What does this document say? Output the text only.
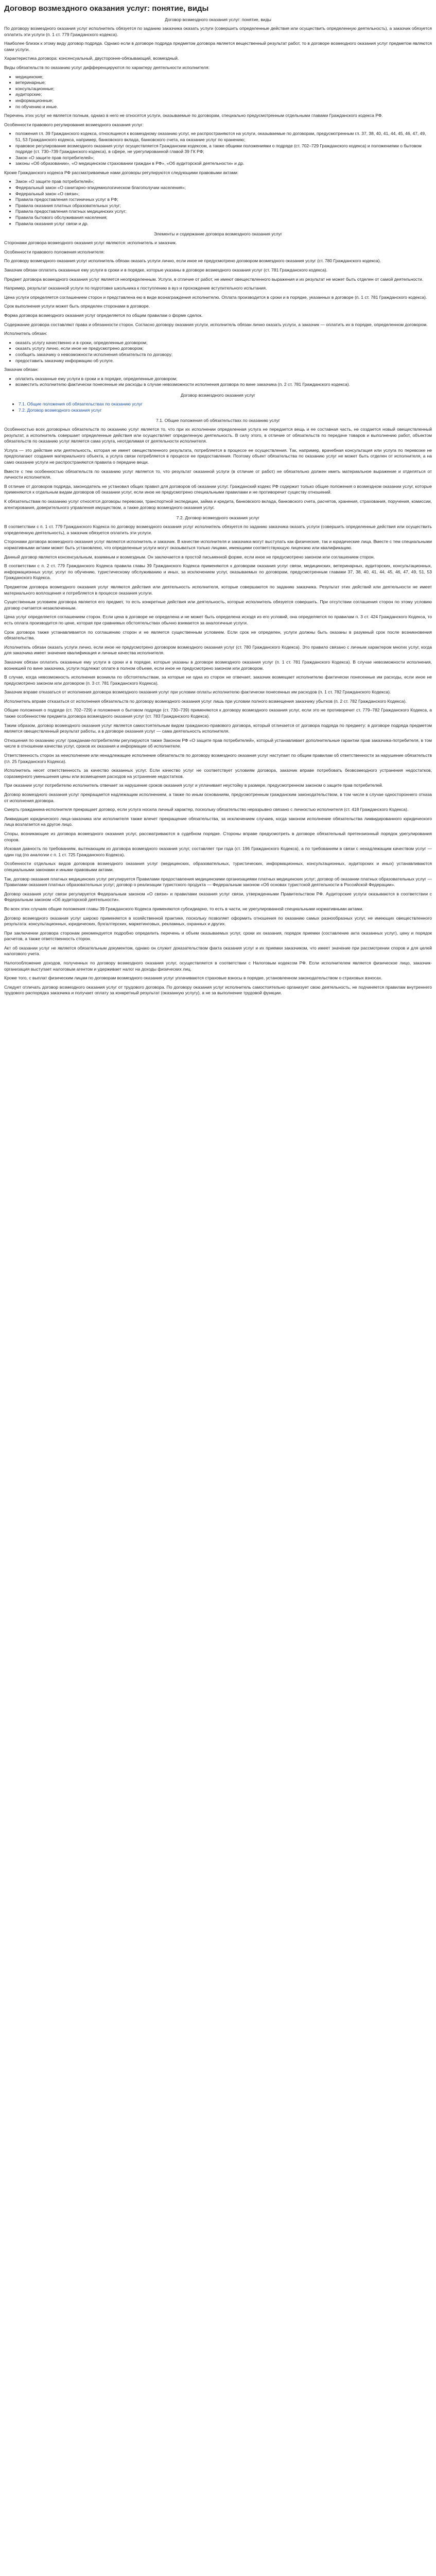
Договор возмездного оказания услуг: понятие, виды
Договор возмездного оказания услуг: понятие, виды

По договору возмездного оказания услуг исполнитель обязуется по заданию заказчика оказать услуги (совершить определенные действия или осуществить определенную деятельность), а заказчик обязуется оплатить эти услуги (п. 1 ст. 779 Гражданского кодекса).

Наиболее близок к этому виду договор подряда. Однако если в договоре подряда предметом договора является вещественный результат работ, то в договоре возмездного оказания услуг предметом являются сами услуги.

Характеристика договора: консенсуальный, двусторонне-обязывающий, возмездный.

Виды обязательств по оказанию услуг дифференцируются по характеру деятельности исполнителя:

• медицинские;
• ветеринарные;
• консультационные;
• аудиторские;
• информационные;
• по обучению и иные.

Перечень этих услуг не является полным, однако в него не относятся услуги, оказываемые по договорам, специально предусмотренным отдельными главами Гражданского кодекса РФ.

Особенности правового регулирования возмездного оказания услуг:

• положения гл. 39 Гражданского кодекса, относящиеся к возмездному оказанию услуг, не распространяются на услуги, оказываемые по договорам, предусмотренным гл. 37, 38, 40, 41, 44, 45, 46, 47, 49, 51, 53 Гражданского кодекса, например, банковского вклада, банковского счета, на оказание услуг по хранению;
• правовое регулирование возмездного оказания услуг осуществляется Гражданским кодексом, а также общими положениями о подряде (ст. 702–729 Гражданского кодекса) и положениями о бытовом подряде (ст. 730–739 Гражданского кодекса), в сфере, не урегулированной главой 39 ГК РФ;
• Закон «О защите прав потребителей»;
• законы «Об образовании», «О медицинском страховании граждан в РФ», «Об аудиторской деятельности» и др.

Кроме Гражданского кодекса РФ рассматриваемые нами договоры регулируются следующими правовыми актами:

• Закон «О защите прав потребителей»;
• Федеральный закон «О санитарно-эпидемиологическом благополучии населения»;
• Федеральный закон «О связи»;
• Правила предоставления гостиничных услуг в РФ;
• Правила оказания платных образовательных услуг;
• Правила предоставления платных медицинских услуг;
• Правила бытового обслуживания населения;
• Правила оказания услуг связи и др.
Элементы и содержание договора возмездного оказания услуг

Сторонами договора возмездного оказания услуг являются: исполнитель и заказчик.

Особенности правового положения исполнителя:

По договору возмездного оказания услуг исполнитель обязан оказать услуги лично, если иное не предусмотрено договором возмездного оказания услуг (ст. 780 Гражданского кодекса).

Заказчик обязан оплатить оказанные ему услуги в сроки и в порядке, которые указаны в договоре возмездного оказания услуг (ст. 781 Гражданского кодекса).

Предмет договора возмездного оказания услуг является неопределенным. Услуги, в отличие от работ, не имеют овеществленного выражения и их результат не может быть отделен от самой деятельности.

Например, результат оказанной услуги по подготовке школьника к поступлению в вуз и прохождение вступительного испытания.

Цена услуги определяется соглашением сторон и представлена ею в виде вознаграждения исполнителю. Оплата производится в сроки и в порядке, указанных в договоре (п. 1 ст. 781 Гражданского кодекса).

Срок выполнения услуги может быть определен сторонами в договоре.

Форма договора возмездного оказания услуг определяется по общим правилам о форме сделок.

Содержание договора составляют права и обязанности сторон. Согласно договору оказания услуги, исполнитель обязан лично оказать услуги, а заказчик — оплатить их в порядке, определенном договором.

Исполнитель обязан:

• оказать услугу качественно и в сроки, определенные договором;
• оказать услугу лично, если иное не предусмотрено договором;
• сообщить заказчику о невозможности исполнения обязательств по договору;
• предоставить заказчику информацию об услуге.

Заказчик обязан:

• оплатить оказанные ему услуги в сроки и в порядке, определенные договором;
• возместить исполнителю фактически понесенные им расходы в случае невозможности исполнения договора по вине заказчика (п. 2 ст. 781 Гражданского кодекса).
Договор возмездного оказания услуг
• 7.1. Общие положения об обязательствах по оказанию услуг
• 7.2. Договор возмездного оказания услуг
7.1. Общие положения об обязательствах по оказанию услуг

Особенностью всех договорных обязательств по оказанию услуг является то, что при их исполнении определенная услуга не передается вещь и ее составная часть, не создается новый овеществленный результат, а исполнитель совершает определенные действия или осуществляет определенную деятельность. В силу этого, в отличие от обязательств по передаче товаров и выполнению работ, объектом обязательств по оказанию услуг является сама услуга, неотделимая от деятельности исполнителя.

Услуга — это действие или деятельность, которая не имеет овеществленного результата, потребляется в процессе ее осуществления. Так, например, врачебная консультация или услуга по перевозке не предполагают создания материального объекта, а услуга связи потребляется в процессе ее предоставления. Поэтому объект обязательства по оказанию услуг не может быть отделен от исполнителя, а на само оказание услуги не распространяются правила о передаче вещи.

Вместе с тем особенностью обязательств по оказанию услуг является то, что результат оказанной услуги (в отличие от работ) не обязательно должен иметь материальное выражение и отделяться от личности исполнителя.

В отличие от договоров подряда, законодатель не установил общих правил для договоров об оказании услуг. Гражданский кодекс РФ содержит только общие положения о возмездном оказании услуг, которые применяются к отдельным видам договоров об оказании услуг, если иное не предусмотрено специальными правилами и не противоречит существу отношений.

К обязательствам по оказанию услуг относятся договоры перевозки, транспортной экспедиции, займа и кредита, банковского вклада, банковского счета, расчетов, хранения, страхования, поручения, комиссии, агентирования, доверительного управления имуществом, а также договор возмездного оказания услуг.

7.2. Договор возмездного оказания услуг

В соответствии с п. 1 ст. 779 Гражданского Кодекса по договору возмездного оказания услуг исполнитель обязуется по заданию заказчика оказать услуги (совершить определенные действия или осуществить определенную деятельность), а заказчик обязуется оплатить эти услуги.

Сторонами договора возмездного оказания услуг являются исполнитель и заказчик. В качестве исполнителя и заказчика могут выступать как физические, так и юридические лица. Вместе с тем специальными нормативными актами может быть установлено, что определенные услуги могут оказываться только лицами, имеющими соответствующую лицензию или квалификацию.

Данный договор является консенсуальным, взаимным и возмездным. Он заключается в простой письменной форме, если иное не предусмотрено законом или соглашением сторон.

В соответствии с п. 2 ст. 779 Гражданского Кодекса правила главы 39 Гражданского Кодекса применяются к договорам оказания услуг связи, медицинских, ветеринарных, аудиторских, консультационных, информационных услуг, услуг по обучению, туристическому обслуживанию и иных, за исключением услуг, оказываемых по договорам, предусмотренным главами 37, 38, 40, 41, 44, 45, 46, 47, 49, 51, 53 Гражданского Кодекса.

Предметом договора возмездного оказания услуг являются действия или деятельность исполнителя, которые совершаются по заданию заказчика. Результат этих действий или деятельности не имеет материального воплощения и потребляется в процессе оказания услуги.

Существенным условием договора является его предмет, то есть конкретные действия или деятельность, которые исполнитель обязуется совершить. При отсутствии соглашения сторон по этому условию договор считается незаключенным.

Цена услуг определяется соглашением сторон. Если цена в договоре не определена и не может быть определена исходя из его условий, она определяется по правилам п. 3 ст. 424 Гражданского Кодекса, то есть оплата производится по цене, которая при сравнимых обстоятельствах обычно взимается за аналогичные услуги.

Срок договора также устанавливается по соглашению сторон и не является существенным условием. Если срок не определен, услуги должны быть оказаны в разумный срок после возникновения обязательства.

Исполнитель обязан оказать услуги лично, если иное не предусмотрено договором возмездного оказания услуг (ст. 780 Гражданского Кодекса). Это правило связано с личным характером многих услуг, когда для заказчика имеет значение квалификация и личные качества исполнителя.

Заказчик обязан оплатить оказанные ему услуги в сроки и в порядке, которые указаны в договоре возмездного оказания услуг (п. 1 ст. 781 Гражданского Кодекса). В случае невозможности исполнения, возникшей по вине заказчика, услуги подлежат оплате в полном объеме, если иное не предусмотрено законом или договором.

В случае, когда невозможность исполнения возникла по обстоятельствам, за которые ни одна из сторон не отвечает, заказчик возмещает исполнителю фактически понесенные им расходы, если иное не предусмотрено законом или договором (п. 3 ст. 781 Гражданского Кодекса).

Заказчик вправе отказаться от исполнения договора возмездного оказания услуг при условии оплаты исполнителю фактически понесенных им расходов (п. 1 ст. 782 Гражданского Кодекса).

Исполнитель вправе отказаться от исполнения обязательств по договору возмездного оказания услуг лишь при условии полного возмещения заказчику убытков (п. 2 ст. 782 Гражданского Кодекса).

Общие положения о подряде (ст. 702–729) и положения о бытовом подряде (ст. 730–739) применяются к договору возмездного оказания услуг, если это не противоречит ст. 779–782 Гражданского Кодекса, а также особенностям предмета договора возмездного оказания услуг (ст. 783 Гражданского Кодекса).

Таким образом, договор возмездного оказания услуг является самостоятельным видом гражданско-правового договора, который отличается от договора подряда по предмету: в договоре подряда предметом является овеществленный результат работы, а в договоре оказания услуг — сама деятельность исполнителя.

Отношения по оказанию услуг гражданам-потребителям регулируются также Законом РФ «О защите прав потребителей», который устанавливает дополнительные гарантии прав заказчика-потребителя, в том числе в отношении качества услуг, сроков их оказания и информации об исполнителе.

Ответственность сторон за неисполнение или ненадлежащее исполнение обязательств по договору возмездного оказания услуг наступает по общим правилам об ответственности за нарушение обязательств (гл. 25 Гражданского Кодекса).

Исполнитель несет ответственность за качество оказанных услуг. Если качество услуг не соответствует условиям договора, заказчик вправе потребовать безвозмездного устранения недостатков, соразмерного уменьшения цены или возмещения расходов на устранение недостатков.

При оказании услуг потребителю исполнитель отвечает за нарушение сроков оказания услуг и уплачивает неустойку в размере, предусмотренном законом о защите прав потребителей.

Договор возмездного оказания услуг прекращается надлежащим исполнением, а также по иным основаниям, предусмотренным гражданским законодательством, в том числе в случае одностороннего отказа от исполнения договора.

Смерть гражданина-исполнителя прекращает договор, если услуга носила личный характер, поскольку обязательство неразрывно связано с личностью исполнителя (ст. 418 Гражданского Кодекса).

Ликвидация юридического лица-заказчика или исполнителя также влечет прекращение обязательства, за исключением случаев, когда законом исполнение обязательства ликвидированного юридического лица возлагается на другое лицо.

Споры, возникающие из договора возмездного оказания услуг, рассматриваются в судебном порядке. Стороны вправе предусмотреть в договоре обязательный претензионный порядок урегулирования споров.

Исковая давность по требованиям, вытекающим из договора возмездного оказания услуг, составляет три года (ст. 196 Гражданского Кодекса), а по требованиям в связи с ненадлежащим качеством услуг — один год (по аналогии с п. 1 ст. 725 Гражданского Кодекса).

Особенности отдельных видов договоров возмездного оказания услуг (медицинских, образовательных, туристических, информационных, консультационных, аудиторских и иных) устанавливаются специальными законами и иными правовыми актами.

Так, договор оказания платных медицинских услуг регулируется Правилами предоставления медицинскими организациями платных медицинских услуг; договор об оказании платных образовательных услуг — Правилами оказания платных образовательных услуг; договор о реализации туристского продукта — Федеральным законом «Об основах туристской деятельности в Российской Федерации».

Договор оказания услуг связи регулируется Федеральным законом «О связи» и правилами оказания услуг связи, утвержденными Правительством РФ. Аудиторские услуги оказываются в соответствии с Федеральным законом «Об аудиторской деятельности».

Во всех этих случаях общие положения главы 39 Гражданского Кодекса применяются субсидиарно, то есть в части, не урегулированной специальными нормативными актами.

Договор возмездного оказания услуг широко применяется в хозяйственной практике, поскольку позволяет оформить отношения по оказанию самых разнообразных услуг, не имеющих овеществленного результата: консультационных, юридических, бухгалтерских, маркетинговых, рекламных, охранных и других.

При заключении договора сторонам рекомендуется подробно определить перечень и объем оказываемых услуг, сроки их оказания, порядок приемки (составление акта оказанных услуг), цену и порядок расчетов, а также ответственность сторон.

Акт об оказании услуг не является обязательным документом, однако он служит доказательством факта оказания услуг и их приемки заказчиком, что имеет значение при рассмотрении споров и для целей налогового учета.

Налогообложение доходов, полученных по договору возмездного оказания услуг, осуществляется в соответствии с Налоговым кодексом РФ. Если исполнителем является физическое лицо, заказчик-организация выступает налоговым агентом и удерживает налог на доходы физических лиц.

Кроме того, с выплат физическим лицам по договорам возмездного оказания услуг уплачиваются страховые взносы в порядке, установленном законодательством о страховых взносах.

Следует отличать договор возмездного оказания услуг от трудового договора. По договору оказания услуг исполнитель самостоятельно организует свою деятельность, не подчиняется правилам внутреннего трудового распорядка заказчика и получает оплату за конкретный результат (оказанную услугу), а не за выполнение трудовой функции.
